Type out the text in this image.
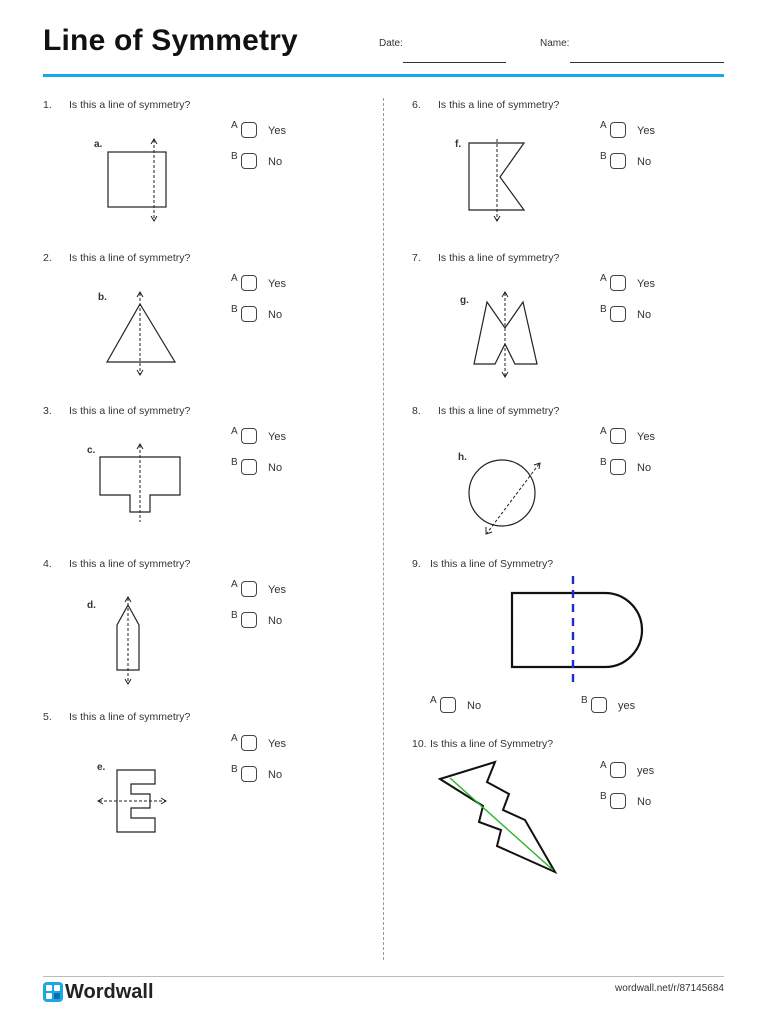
Line of Symmetry	Date:	Name:
1. Is this a line of symmetry?
A	Yes
B	No
a.
2. Is this a line of symmetry?
A	Yes
B	No
b.
3. Is this a line of symmetry?
A	Yes
B	No
c.
4. Is this a line of symmetry?
A	Yes
B	No
d.
5. Is this a line of symmetry?
A	Yes
B	No
e.
6. Is this a line of symmetry?
A	Yes
B	No
f.
7. Is this a line of symmetry?
A	Yes
B	No
g.
8. Is this a line of symmetry?
A	Yes
B	No
h.
9. Is this a line of Symmetry?
A	No	B	yes
10. Is this a line of Symmetry?
A	yes
B	No
Wordwall	wordwall.net/r/87145684
